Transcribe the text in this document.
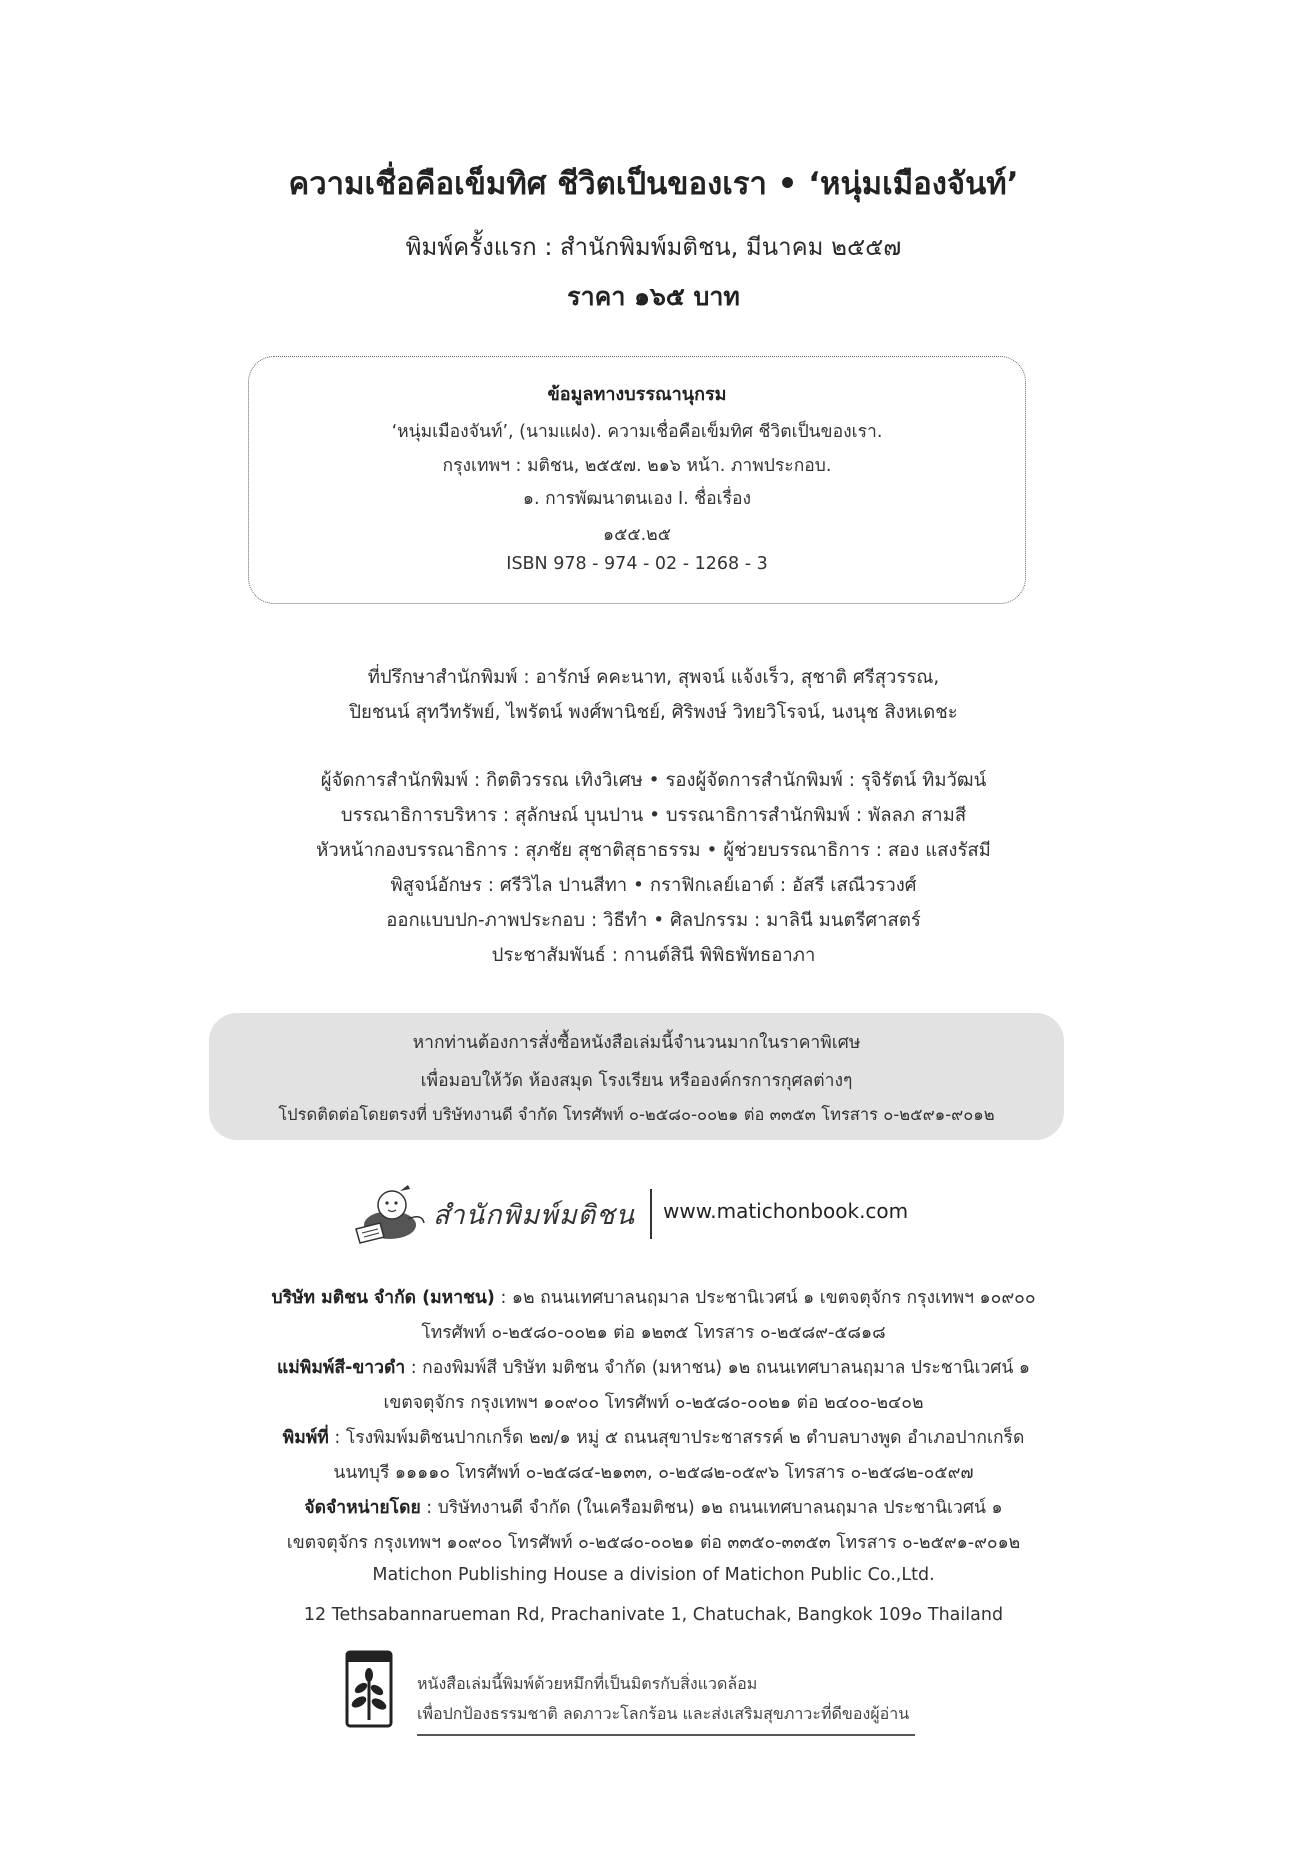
ความเชื่อคือเข็มทิศ ชีวิตเป็นของเรา • ‘หนุ่มเมืองจันท์’
พิมพ์ครั้งแรก : สำนักพิมพ์มติชน, มีนาคม ๒๕๕๗
ราคา ๑๖๕ บาท
ข้อมูลทางบรรณานุกรม
‘หนุ่มเมืองจันท์’, (นามแฝง). ความเชื่อคือเข็มทิศ ชีวิตเป็นของเรา.
กรุงเทพฯ : มติชน, ๒๕๕๗. ๒๑๖ หน้า. ภาพประกอบ.
๑. การพัฒนาตนเอง I. ชื่อเรื่อง
๑๕๕.๒๕
ISBN 978 - 974 - 02 - 1268 - 3
ที่ปรึกษาสำนักพิมพ์ : อารักษ์ คคะนาท, สุพจน์ แจ้งเร็ว, สุชาติ ศรีสุวรรณ,
ปิยชนน์ สุทวีทรัพย์, ไพรัตน์ พงศ์พานิชย์, ศิริพงษ์ วิทยวิโรจน์, นงนุช สิงหเดชะ
ผู้จัดการสำนักพิมพ์ : กิตติวรรณ เทิงวิเศษ • รองผู้จัดการสำนักพิมพ์ : รุจิรัตน์ ทิมวัฒน์
บรรณาธิการบริหาร : สุลักษณ์ บุนปาน • บรรณาธิการสำนักพิมพ์ : พัลลภ สามสี
หัวหน้ากองบรรณาธิการ : สุภชัย สุชาติสุธาธรรม • ผู้ช่วยบรรณาธิการ : สอง แสงรัสมี
พิสูจน์อักษร : ศรีวิไล ปานสีทา • กราฟิกเลย์เอาต์ : อัสรี เสณีวรวงศ์
ออกแบบปก-ภาพประกอบ : วิธีทำ • ศิลปกรรม : มาลินี มนตรีศาสตร์
ประชาสัมพันธ์ : กานต์สินี พิพิธพัทธอาภา
หากท่านต้องการสั่งซื้อหนังสือเล่มนี้จำนวนมากในราคาพิเศษ
เพื่อมอบให้วัด ห้องสมุด โรงเรียน หรือองค์กรการกุศลต่างๆ
โปรดติดต่อโดยตรงที่ บริษัทงานดี จำกัด โทรศัพท์ ๐-๒๕๘๐-๐๐๒๑ ต่อ ๓๓๕๓ โทรสาร ๐-๒๕๙๑-๙๐๑๒
สำนักพิมพ์มติชน www.matichonbook.com
บริษัท มติชน จำกัด (มหาชน) : ๑๒ ถนนเทศบาลนฤมาล ประชานิเวศน์ ๑ เขตจตุจักร กรุงเทพฯ ๑๐๙๐๐
โทรศัพท์ ๐-๒๕๘๐-๐๐๒๑ ต่อ ๑๒๓๕ โทรสาร ๐-๒๕๘๙-๕๘๑๘
แม่พิมพ์สี-ขาวดำ : กองพิมพ์สี บริษัท มติชน จำกัด (มหาชน) ๑๒ ถนนเทศบาลนฤมาล ประชานิเวศน์ ๑
เขตจตุจักร กรุงเทพฯ ๑๐๙๐๐ โทรศัพท์ ๐-๒๕๘๐-๐๐๒๑ ต่อ ๒๔๐๐-๒๔๐๒
พิมพ์ที่ : โรงพิมพ์มติชนปากเกร็ด ๒๗/๑ หมู่ ๕ ถนนสุขาประชาสรรค์ ๒ ตำบลบางพูด อำเภอปากเกร็ด
นนทบุรี ๑๑๑๑๐ โทรศัพท์ ๐-๒๕๘๔-๒๑๓๓, ๐-๒๕๘๒-๐๕๙๖ โทรสาร ๐-๒๕๘๒-๐๕๙๗
จัดจำหน่ายโดย : บริษัทงานดี จำกัด (ในเครือมติชน) ๑๒ ถนนเทศบาลนฤมาล ประชานิเวศน์ ๑
เขตจตุจักร กรุงเทพฯ ๑๐๙๐๐ โทรศัพท์ ๐-๒๕๘๐-๐๐๒๑ ต่อ ๓๓๕๐-๓๓๕๓ โทรสาร ๐-๒๕๙๑-๙๐๑๒
Matichon Publishing House a division of Matichon Public Co.,Ltd.
12 Tethsabannarueman Rd, Prachanivate 1, Chatuchak, Bangkok 109๐ Thailand
หนังสือเล่มนี้พิมพ์ด้วยหมึกที่เป็นมิตรกับสิ่งแวดล้อม
เพื่อปกป้องธรรมชาติ ลดภาวะโลกร้อน และส่งเสริมสุขภาวะที่ดีของผู้อ่าน
